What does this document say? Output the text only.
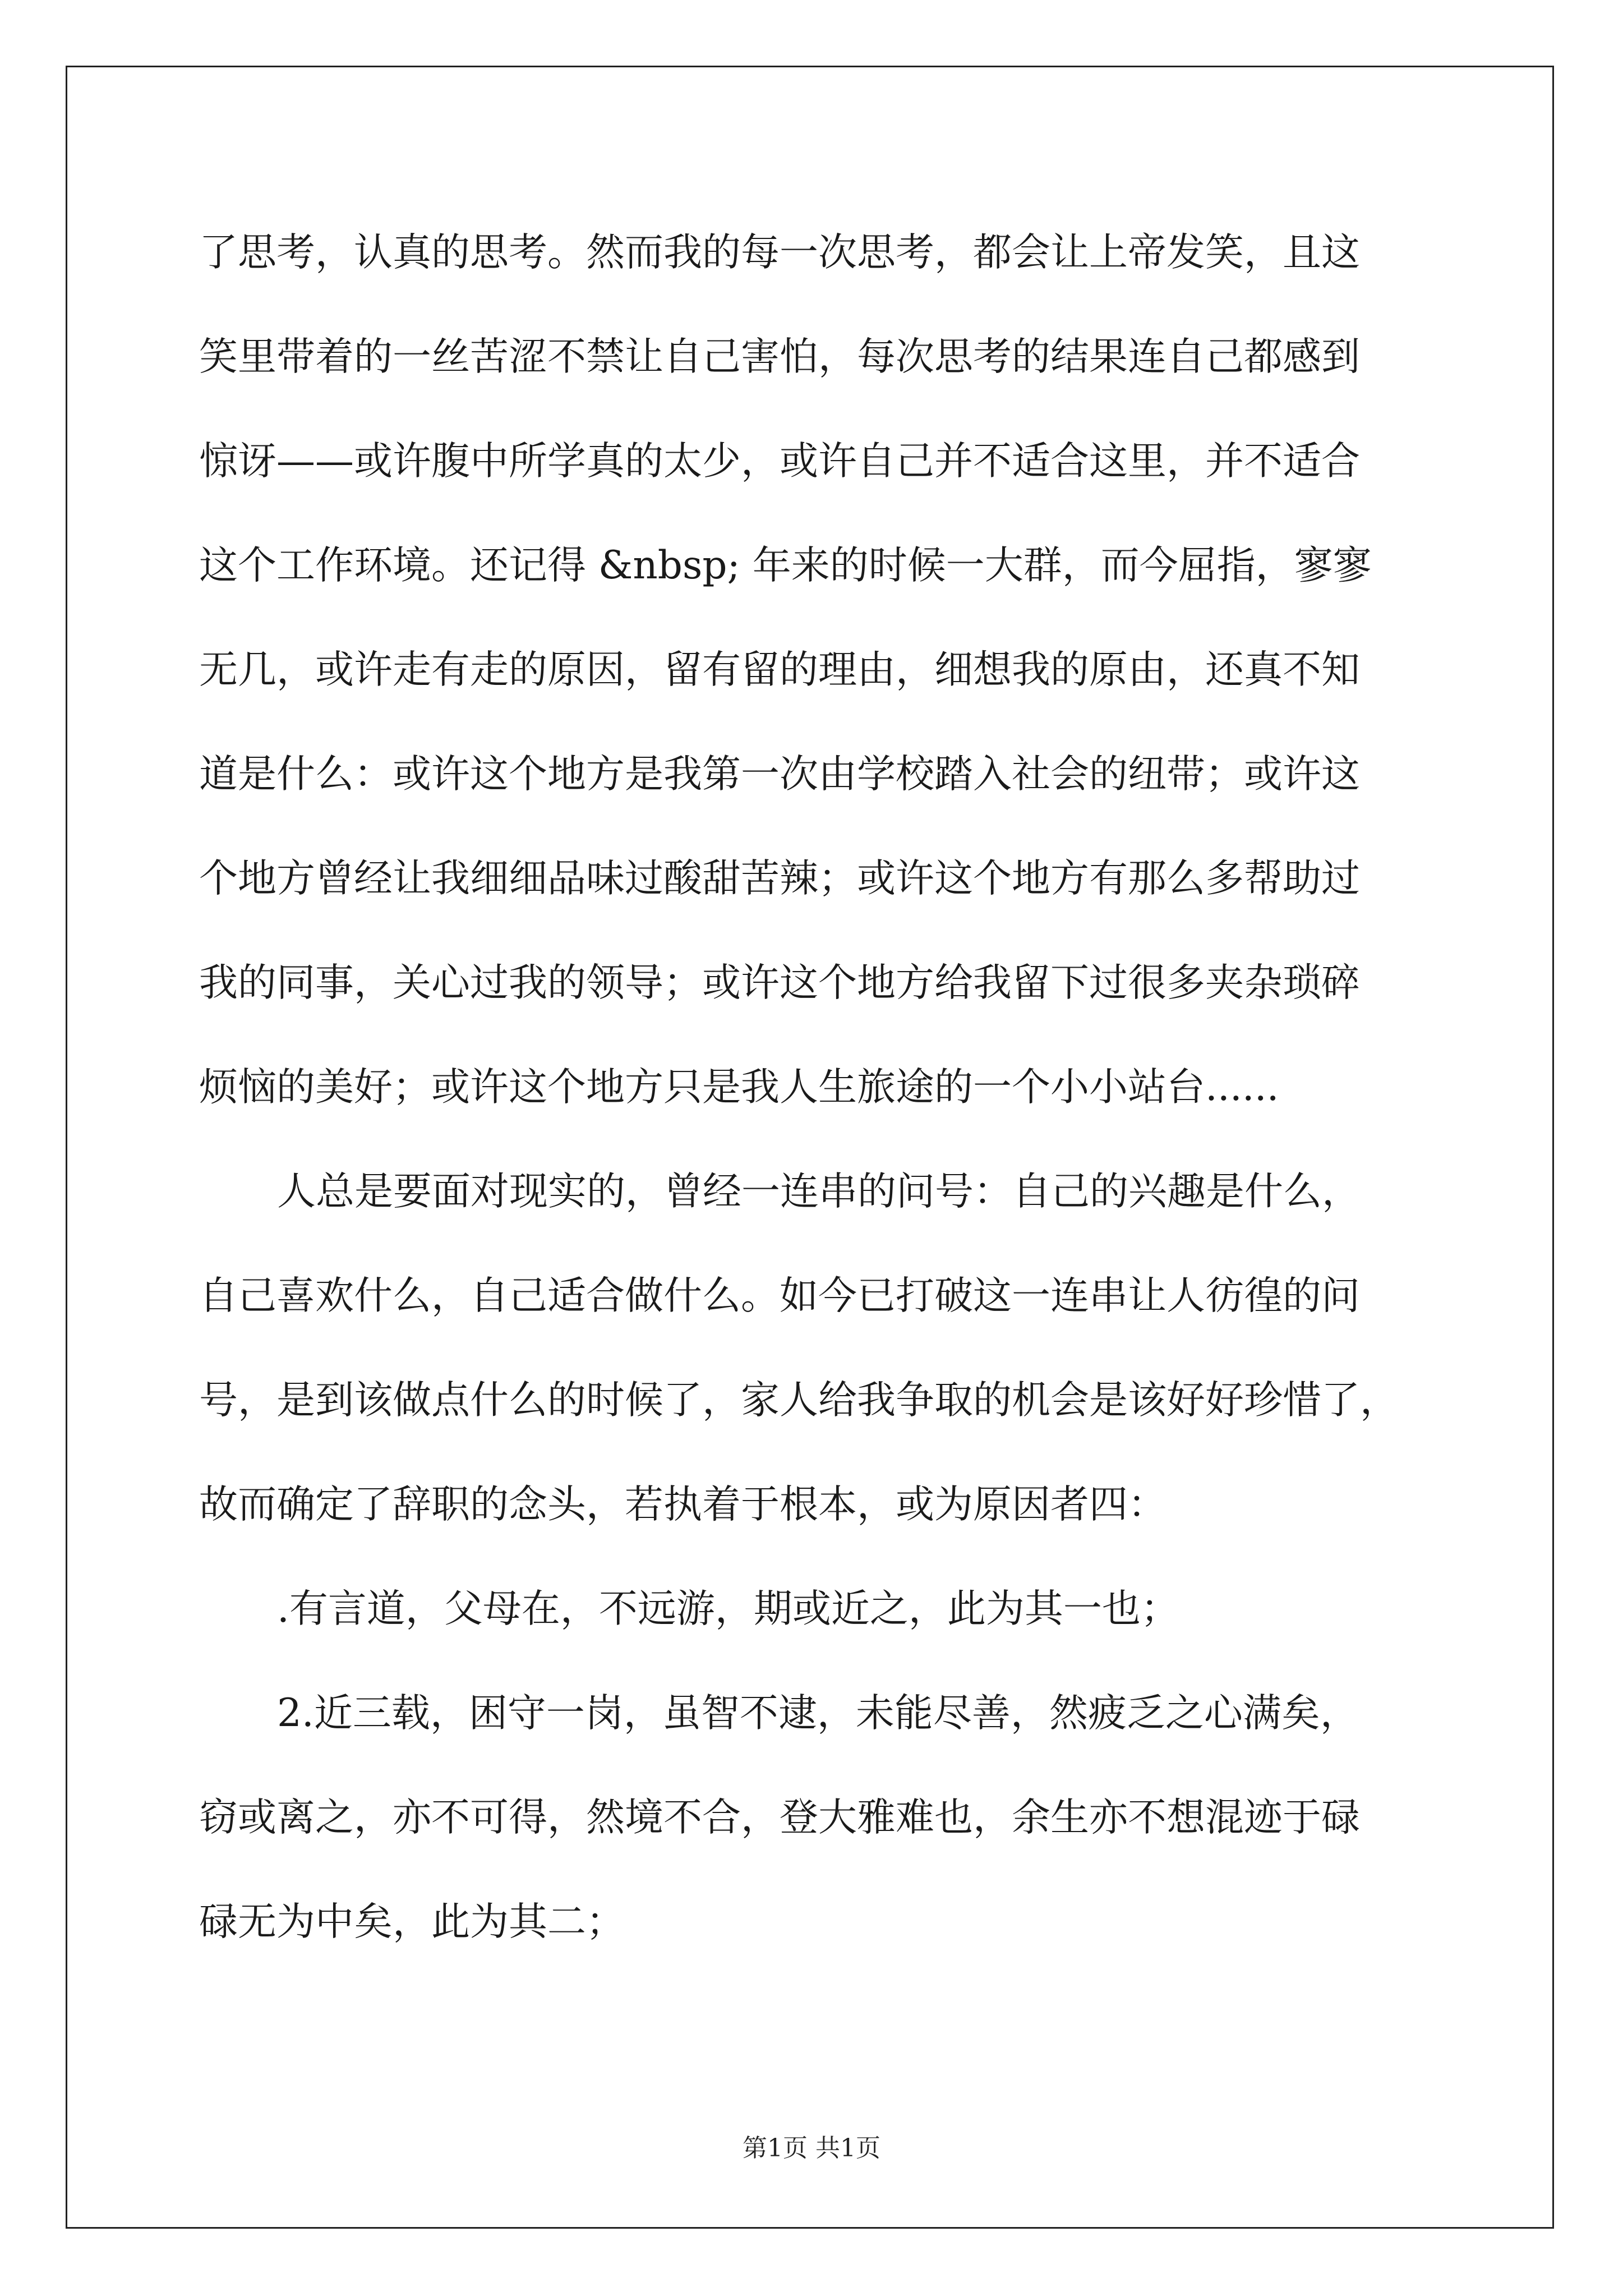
了思考，认真的思考。然而我的每一次思考，都会让上帝发笑，且这
笑里带着的一丝苦涩不禁让自己害怕，每次思考的结果连自己都感到
惊讶——或许腹中所学真的太少，或许自己并不适合这里，并不适合
这个工作环境。还记得 &nbsp; 年来的时候一大群，而今屈指，寥寥
无几，或许走有走的原因，留有留的理由，细想我的原由，还真不知
道是什么：或许这个地方是我第一次由学校踏入社会的纽带；或许这
个地方曾经让我细细品味过酸甜苦辣；或许这个地方有那么多帮助过
我的同事，关心过我的领导；或许这个地方给我留下过很多夹杂琐碎
烦恼的美好；或许这个地方只是我人生旅途的一个小小站台......
人总是要面对现实的，曾经一连串的问号：自己的兴趣是什么，
自己喜欢什么，自己适合做什么。如今已打破这一连串让人彷徨的问
号，是到该做点什么的时候了，家人给我争取的机会是该好好珍惜了，
故而确定了辞职的念头，若执着于根本，或为原因者四：
.有言道，父母在，不远游，期或近之，此为其一也；
2.近三载，困守一岗，虽智不逮，未能尽善，然疲乏之心满矣，
窃或离之，亦不可得，然境不合，登大雅难也，余生亦不想混迹于碌
碌无为中矣，此为其二；
第1页 共1页
